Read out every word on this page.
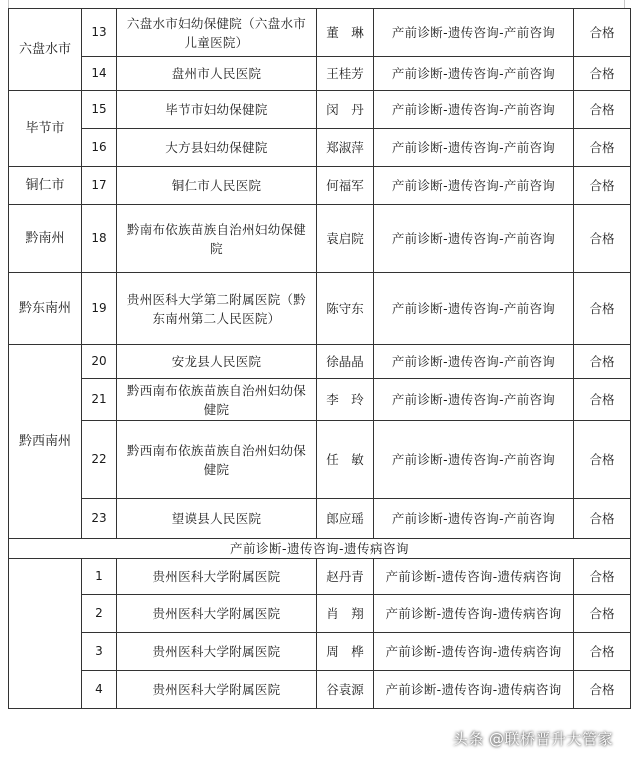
六盘水市	13	六盘水市妇幼保健院（六盘水市儿童医院）	董　琳	产前诊断-遗传咨询-产前咨询	合格
	14	盘州市人民医院	王桂芳	产前诊断-遗传咨询-产前咨询	合格
毕节市	15	毕节市妇幼保健院	闵　丹	产前诊断-遗传咨询-产前咨询	合格
	16	大方县妇幼保健院	郑淑萍	产前诊断-遗传咨询-产前咨询	合格
铜仁市	17	铜仁市人民医院	何福军	产前诊断-遗传咨询-产前咨询	合格
黔南州	18	黔南布依族苗族自治州妇幼保健院	袁启院	产前诊断-遗传咨询-产前咨询	合格
黔东南州	19	贵州医科大学第二附属医院（黔东南州第二人民医院）	陈守东	产前诊断-遗传咨询-产前咨询	合格
黔西南州	20	安龙县人民医院	徐晶晶	产前诊断-遗传咨询-产前咨询	合格
	21	黔西南布依族苗族自治州妇幼保健院	李　玲	产前诊断-遗传咨询-产前咨询	合格
	22	黔西南布依族苗族自治州妇幼保健院	任　敏	产前诊断-遗传咨询-产前咨询	合格
	23	望谟县人民医院	郎应瑶	产前诊断-遗传咨询-产前咨询	合格
产前诊断-遗传咨询-遗传病咨询					
	1	贵州医科大学附属医院	赵丹青	产前诊断-遗传咨询-遗传病咨询	合格
	2	贵州医科大学附属医院	肖　翔	产前诊断-遗传咨询-遗传病咨询	合格
	3	贵州医科大学附属医院	周　桦	产前诊断-遗传咨询-遗传病咨询	合格
	4	贵州医科大学附属医院	谷袁源	产前诊断-遗传咨询-遗传病咨询	合格
头条 @联桥晋升大管家
